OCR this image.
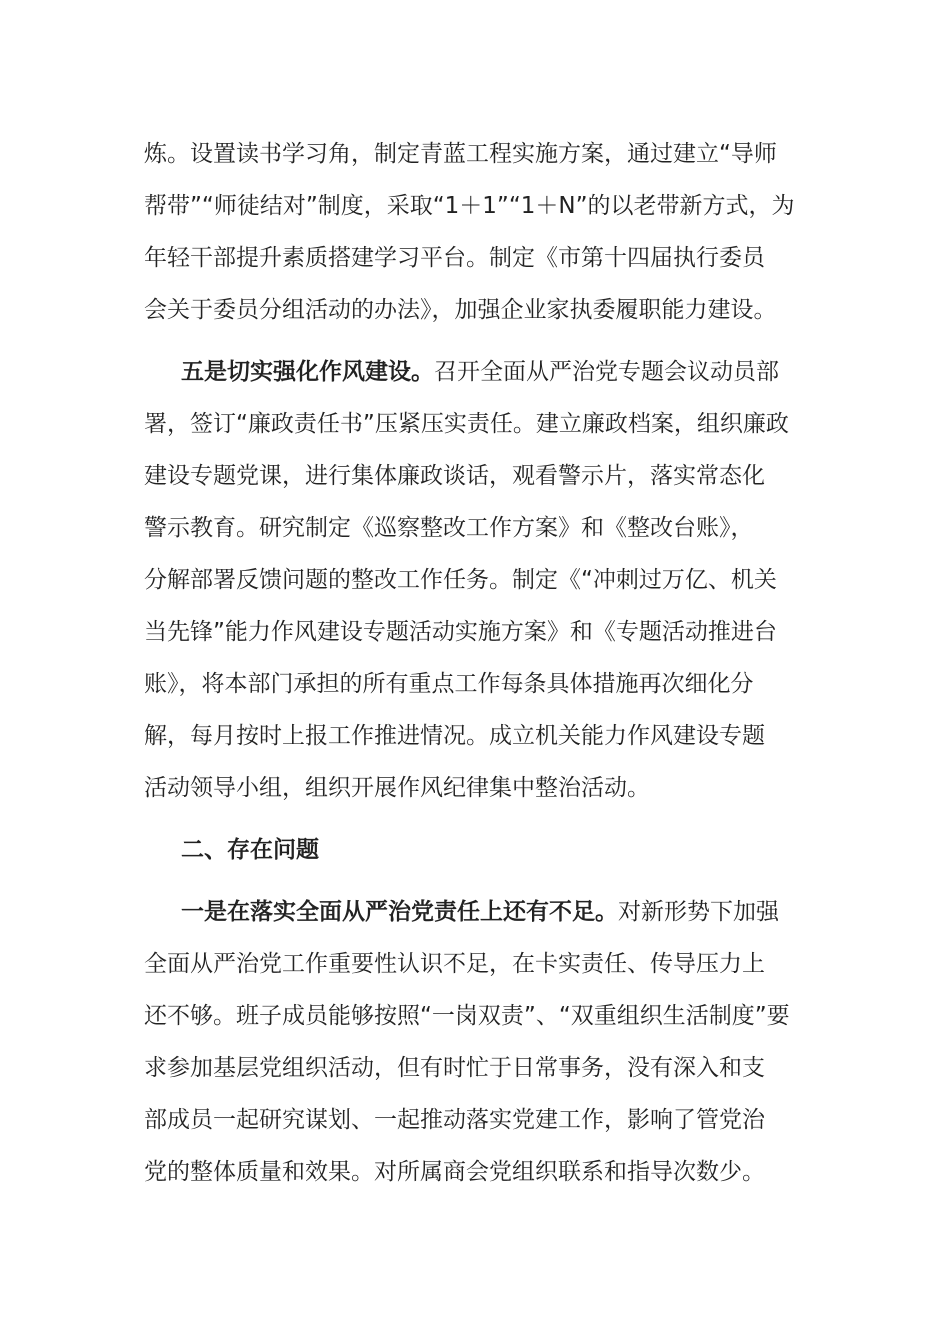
炼。设置读书学习角，制定青蓝工程实施方案，通过建立“导师
帮带”“师徒结对”制度，采取“1＋1”“1＋N”的以老带新方式，为
年轻干部提升素质搭建学习平台。制定《市第十四届执行委员
会关于委员分组活动的办法》，加强企业家执委履职能力建设。
五是切实强化作风建设。召开全面从严治党专题会议动员部
署，签订“廉政责任书”压紧压实责任。建立廉政档案，组织廉政
建设专题党课，进行集体廉政谈话，观看警示片，落实常态化
警示教育。研究制定《巡察整改工作方案》和《整改台账》，
分解部署反馈问题的整改工作任务。制定《“冲刺过万亿、机关
当先锋”能力作风建设专题活动实施方案》和《专题活动推进台
账》，将本部门承担的所有重点工作每条具体措施再次细化分
解，每月按时上报工作推进情况。成立机关能力作风建设专题
活动领导小组，组织开展作风纪律集中整治活动。
二、存在问题
一是在落实全面从严治党责任上还有不足。对新形势下加强
全面从严治党工作重要性认识不足，在卡实责任、传导压力上
还不够。班子成员能够按照“一岗双责”、“双重组织生活制度”要
求参加基层党组织活动，但有时忙于日常事务，没有深入和支
部成员一起研究谋划、一起推动落实党建工作，影响了管党治
党的整体质量和效果。对所属商会党组织联系和指导次数少。
